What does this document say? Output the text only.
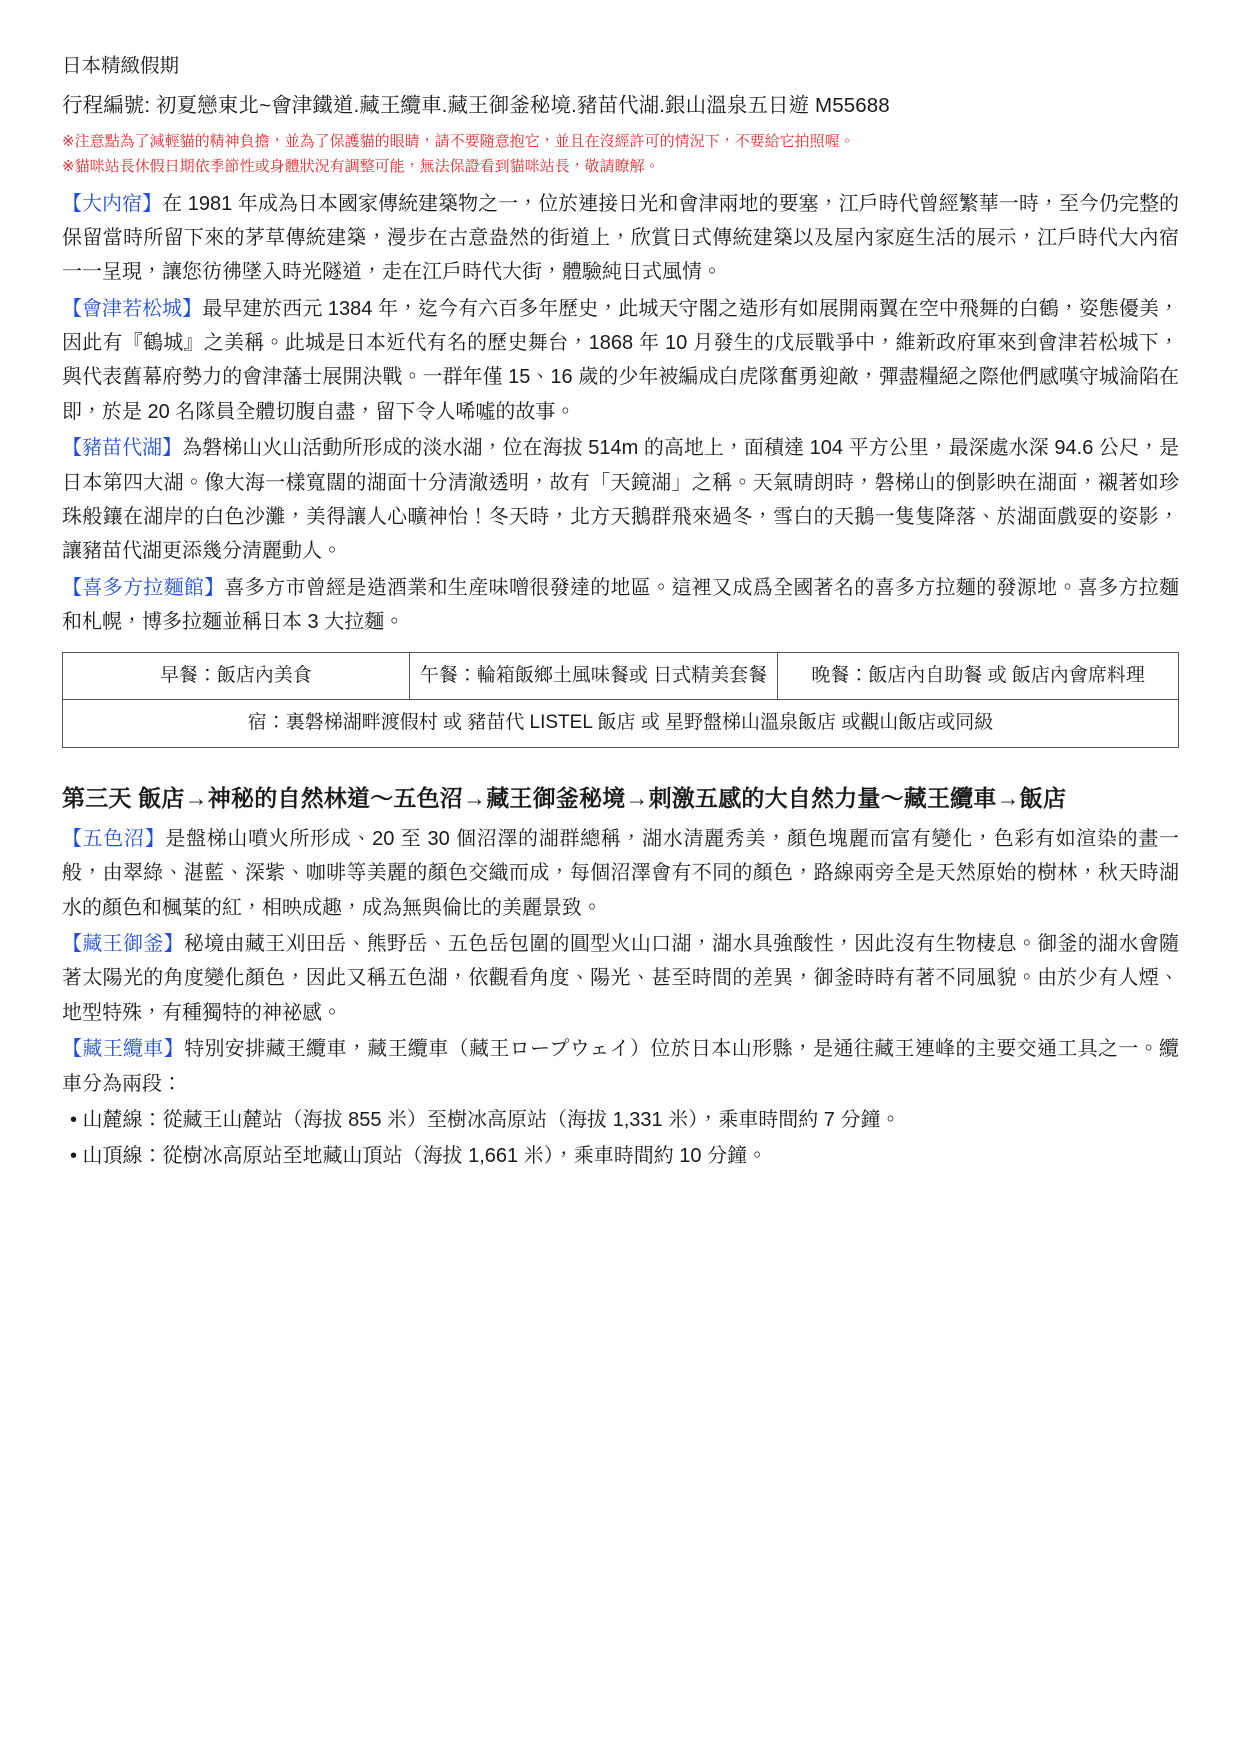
日本精緻假期
行程編號: 初夏戀東北~會津鐵道.藏王纜車.藏王御釜秘境.豬苗代湖.銀山溫泉五日遊 M55688
※注意點為了減輕貓的精神負擔，並為了保護貓的眼睛，請不要隨意抱它，並且在沒經許可的情況下，不要給它拍照喔。
※貓咪站長休假日期依季節性或身體狀況有調整可能，無法保證看到貓咪站長，敬請瞭解。

【大内宿】在 1981 年成為日本國家傳統建築物之一，位於連接日光和會津兩地的要塞，江戶時代曾經繁華一時，至今仍完整的保留當時所留下來的茅草傳統建築，漫步在古意盎然的街道上，欣賞日式傳統建築以及屋內家庭生活的展示，江戶時代大內宿一一呈現，讓您彷彿墜入時光隧道，走在江戶時代大街，體驗純日式風情。

【會津若松城】最早建於西元 1384 年，迄今有六百多年歷史，此城天守閣之造形有如展開兩翼在空中飛舞的白鶴，姿態優美，因此有『鶴城』之美稱。此城是日本近代有名的歷史舞台，1868 年 10 月發生的戊辰戰爭中，維新政府軍來到會津若松城下，與代表舊幕府勢力的會津藩士展開決戰。一群年僅 15、16 歲的少年被編成白虎隊奮勇迎敵，彈盡糧絕之際他們感嘆守城淪陷在即，於是 20 名隊員全體切腹自盡，留下令人唏噓的故事。

【豬苗代湖】為磐梯山火山活動所形成的淡水湖，位在海拔 514m 的高地上，面積達 104 平方公里，最深處水深 94.6 公尺，是日本第四大湖。像大海一樣寬闊的湖面十分清澈透明，故有「天鏡湖」之稱。天氣晴朗時，磐梯山的倒影映在湖面，襯著如珍珠般鑲在湖岸的白色沙灘，美得讓人心曠神怡！冬天時，北方天鵝群飛來過冬，雪白的天鵝一隻隻降落、於湖面戲耍的姿影，讓豬苗代湖更添幾分清麗動人。

【喜多方拉麵館】喜多方市曾經是造酒業和生産味噌很發達的地區。這裡又成爲全國著名的喜多方拉麵的發源地。喜多方拉麵和札幌，博多拉麵並稱日本 3 大拉麵。

早餐：飯店內美食	午餐：輪箱飯鄉土風味餐或 日式精美套餐	晚餐：飯店內自助餐 或 飯店內會席料理
宿：裏磐梯湖畔渡假村 或 豬苗代 LISTEL 飯店 或 星野盤梯山溫泉飯店 或觀山飯店或同級
第三天 飯店→神秘的自然林道～五色沼→藏王御釜秘境→刺激五感的大自然力量～藏王纜車→飯店

【五色沼】是盤梯山噴火所形成、20 至 30 個沼澤的湖群總稱，湖水清麗秀美，顏色塊麗而富有變化，色彩有如渲染的畫一般，由翠綠、湛藍、深紫、咖啡等美麗的顏色交織而成，每個沼澤會有不同的顏色，路線兩旁全是天然原始的樹林，秋天時湖水的顏色和楓葉的紅，相映成趣，成為無與倫比的美麗景致。

【藏王御釜】秘境由藏王刈田岳、熊野岳、五色岳包圍的圓型火山口湖，湖水具強酸性，因此沒有生物棲息。御釜的湖水會隨著太陽光的角度變化顏色，因此又稱五色湖，依觀看角度、陽光、甚至時間的差異，御釜時時有著不同風貌。由於少有人煙、地型特殊，有種獨特的神祕感。

【藏王纜車】特別安排藏王纜車，藏王纜車（藏王ロープウェイ）位於日本山形縣，是通往藏王連峰的主要交通工具之一。纜車分為兩段：

• 山麓線：從藏王山麓站（海拔 855 米）至樹冰高原站（海拔 1,331 米），乘車時間約 7 分鐘。
• 山頂線：從樹冰高原站至地藏山頂站（海拔 1,661 米），乘車時間約 10 分鐘。
